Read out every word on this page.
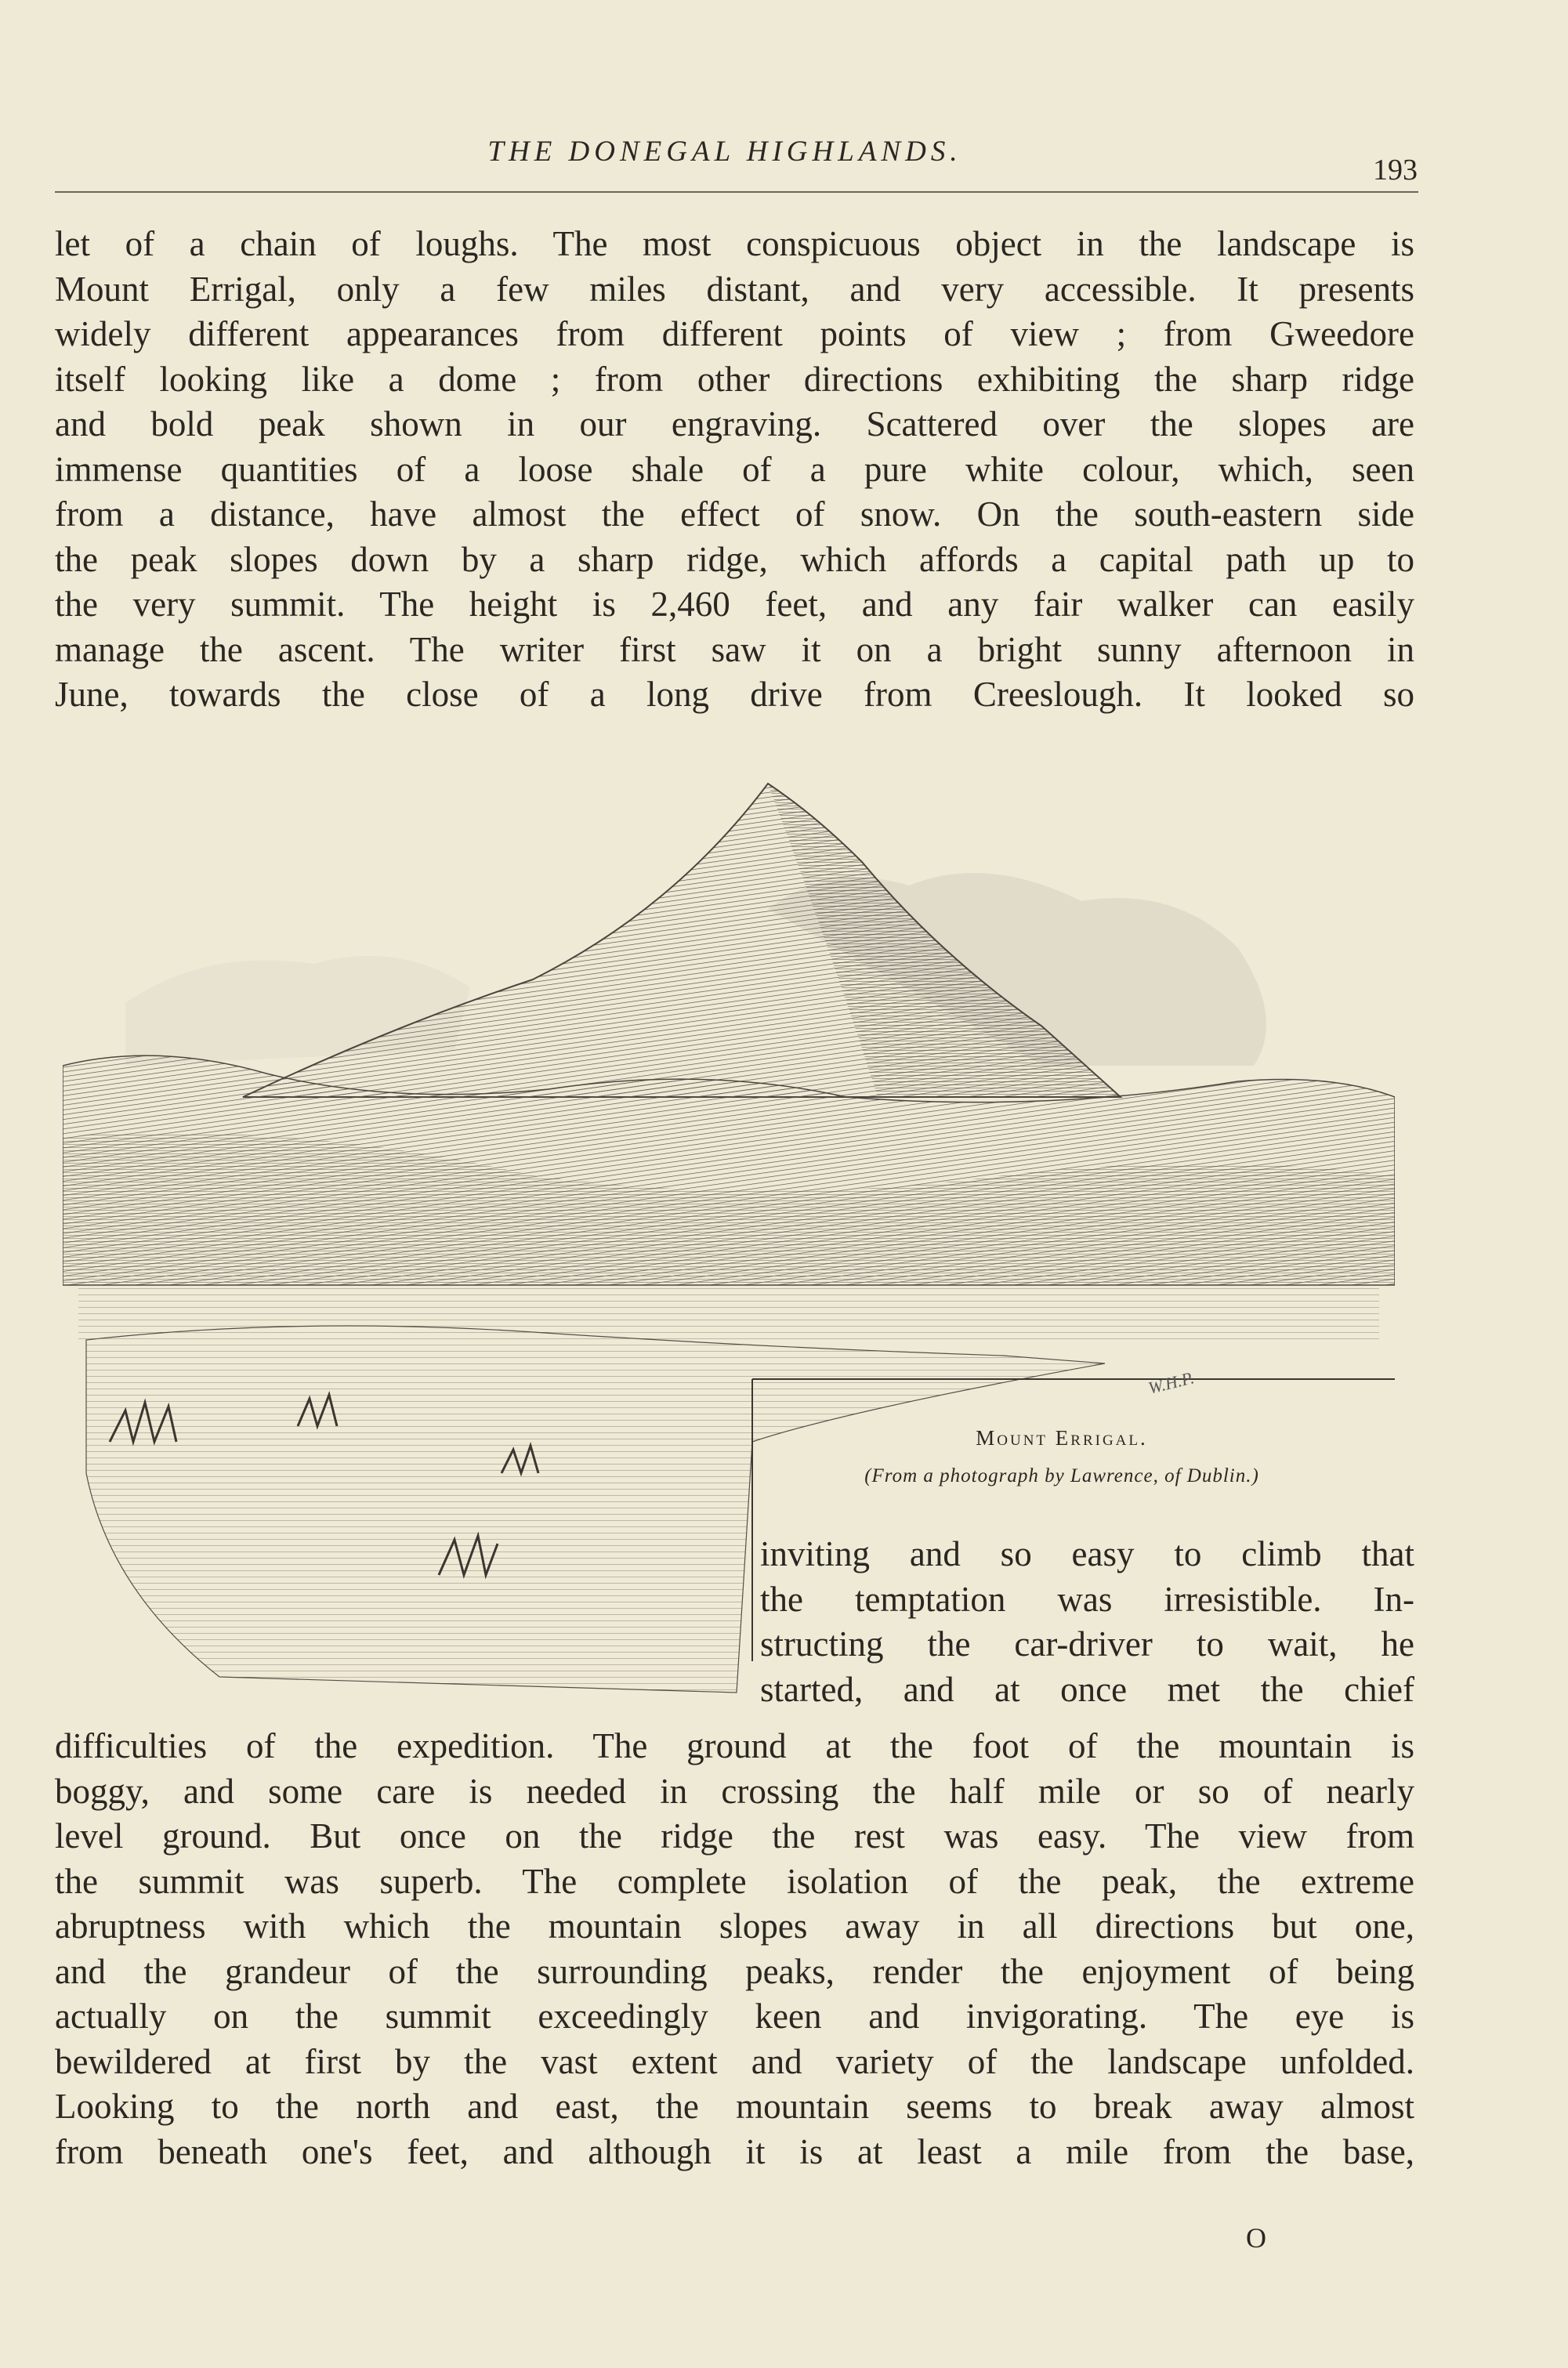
THE DONEGAL HIGHLANDS.
193
let of a chain of loughs. The most conspicuous object in the landscape is
Mount Errigal, only a few miles distant, and very accessible. It presents
widely different appearances from different points of view ; from Gweedore
itself looking like a dome ; from other directions exhibiting the sharp ridge
and bold peak shown in our engraving. Scattered over the slopes are
immense quantities of a loose shale of a pure white colour, which, seen
from a distance, have almost the effect of snow. On the south-eastern side
the peak slopes down by a sharp ridge, which affords a capital path up to
the very summit. The height is 2,460 feet, and any fair walker can easily
manage the ascent. The writer first saw it on a bright sunny afternoon in
June, towards the close of a long drive from Creeslough. It looked so
W.H.P.
Mount Errigal.
(From a photograph by Lawrence, of Dublin.)
inviting and so easy to climb that
the temptation was irresistible. In-
structing the car-driver to wait, he
started, and at once met the chief
difficulties of the expedition. The ground at the foot of the mountain is
boggy, and some care is needed in crossing the half mile or so of nearly
level ground. But once on the ridge the rest was easy. The view from
the summit was superb. The complete isolation of the peak, the extreme
abruptness with which the mountain slopes away in all directions but one,
and the grandeur of the surrounding peaks, render the enjoyment of being
actually on the summit exceedingly keen and invigorating. The eye is
bewildered at first by the vast extent and variety of the landscape unfolded.
Looking to the north and east, the mountain seems to break away almost
from beneath one's feet, and although it is at least a mile from the base,
O
